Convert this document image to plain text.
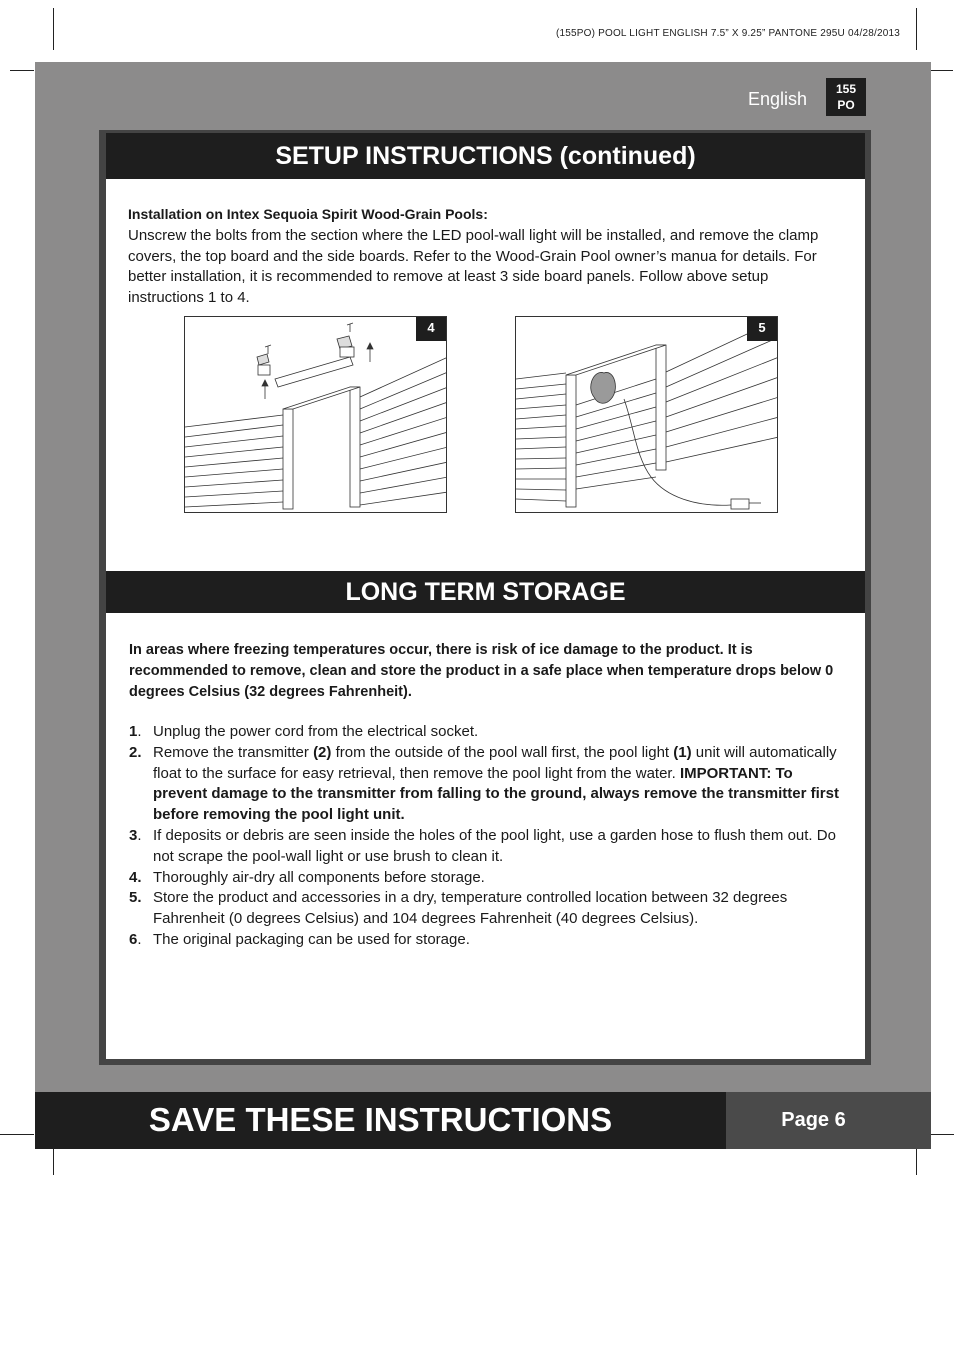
(155PO) POOL LIGHT ENGLISH 7.5” X 9.25” PANTONE 295U 04/28/2013
English	155
PO
SETUP INSTRUCTIONS (continued)
Installation on Intex Sequoia Spirit Wood-Grain Pools:
Unscrew the bolts from the section where the LED pool-wall light will be installed, and remove the clamp covers, the top board and the side boards. Refer to the Wood-Grain Pool owner’s manua for details. For better installation, it is recommended to remove at least 3 side board panels. Follow above setup instructions 1 to 4.
4	5
LONG TERM STORAGE
In areas where freezing temperatures occur, there is risk of ice damage to the product. It is recommended to remove, clean and store the product in a safe place when temperature drops below 0 degrees Celsius (32 degrees Fahrenheit).
1. Unplug the power cord from the electrical socket.
2. Remove the transmitter (2) from the outside of the pool wall first, the pool light (1) unit will automatically float to the surface for easy retrieval, then remove the pool light from the water. IMPORTANT: To prevent damage to the transmitter from falling to the ground, always remove the transmitter first before removing the pool light unit.
3. If deposits or debris are seen inside the holes of the pool light, use a garden hose to flush them out. Do not scrape the pool-wall light or use brush to clean it.
4. Thoroughly air-dry all components before storage.
5. Store the product and accessories in a dry, temperature controlled location between 32 degrees Fahrenheit (0 degrees Celsius) and 104 degrees Fahrenheit (40 degrees Celsius).
6. The original packaging can be used for storage.
SAVE THESE INSTRUCTIONS	Page 6
